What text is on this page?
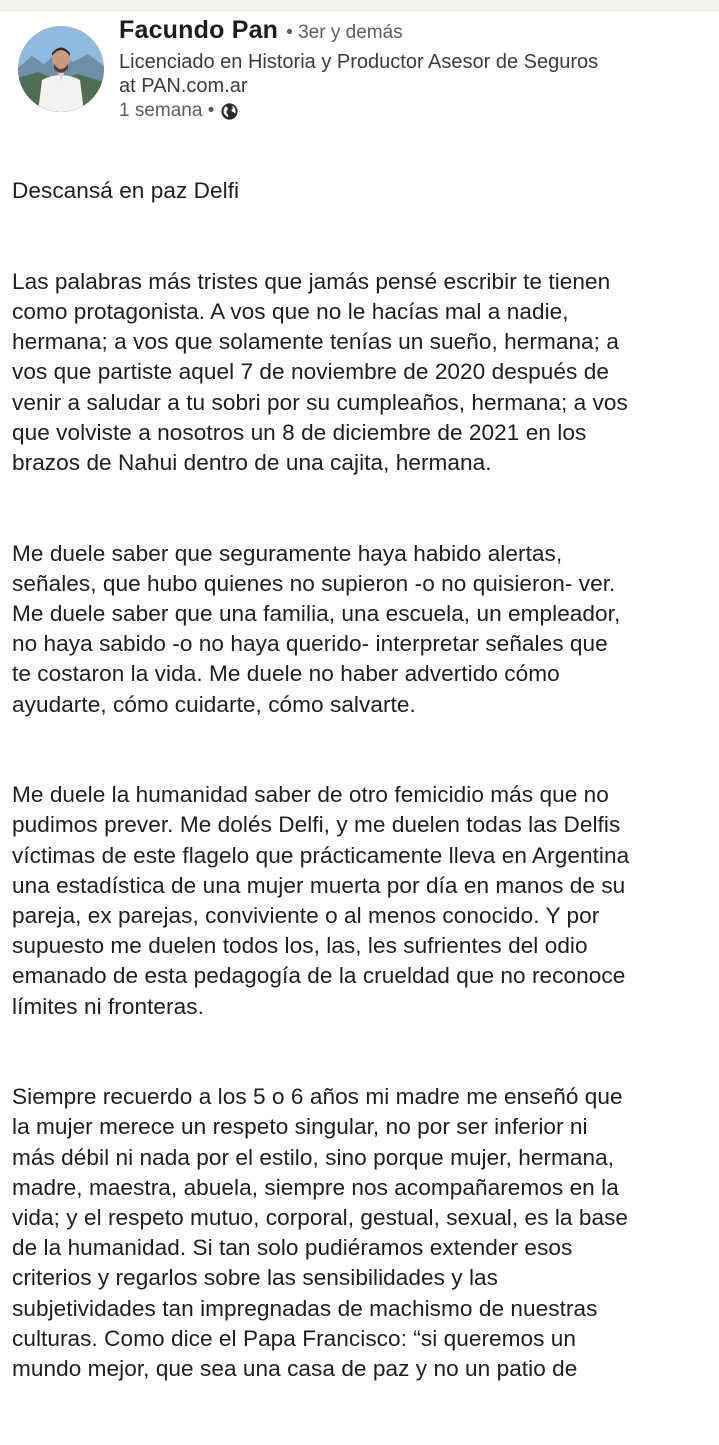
Facundo Pan • 3er y demás
Licenciado en Historia y Productor Asesor de Seguros
at PAN.com.ar
1 semana •

Descansá en paz Delfi

Las palabras más tristes que jamás pensé escribir te tienen
como protagonista. A vos que no le hacías mal a nadie,
hermana; a vos que solamente tenías un sueño, hermana; a
vos que partiste aquel 7 de noviembre de 2020 después de
venir a saludar a tu sobri por su cumpleaños, hermana; a vos
que volviste a nosotros un 8 de diciembre de 2021 en los
brazos de Nahui dentro de una cajita, hermana.

Me duele saber que seguramente haya habido alertas,
señales, que hubo quienes no supieron -o no quisieron- ver.
Me duele saber que una familia, una escuela, un empleador,
no haya sabido -o no haya querido- interpretar señales que
te costaron la vida. Me duele no haber advertido cómo
ayudarte, cómo cuidarte, cómo salvarte.

Me duele la humanidad saber de otro femicidio más que no
pudimos prever. Me dolés Delfi, y me duelen todas las Delfis
víctimas de este flagelo que prácticamente lleva en Argentina
una estadística de una mujer muerta por día en manos de su
pareja, ex parejas, conviviente o al menos conocido. Y por
supuesto me duelen todos los, las, les sufrientes del odio
emanado de esta pedagogía de la crueldad que no reconoce
límites ni fronteras.

Siempre recuerdo a los 5 o 6 años mi madre me enseñó que
la mujer merece un respeto singular, no por ser inferior ni
más débil ni nada por el estilo, sino porque mujer, hermana,
madre, maestra, abuela, siempre nos acompañaremos en la
vida; y el respeto mutuo, corporal, gestual, sexual, es la base
de la humanidad. Si tan solo pudiéramos extender esos
criterios y regarlos sobre las sensibilidades y las
subjetividades tan impregnadas de machismo de nuestras
culturas. Como dice el Papa Francisco: “si queremos un
mundo mejor, que sea una casa de paz y no un patio de
